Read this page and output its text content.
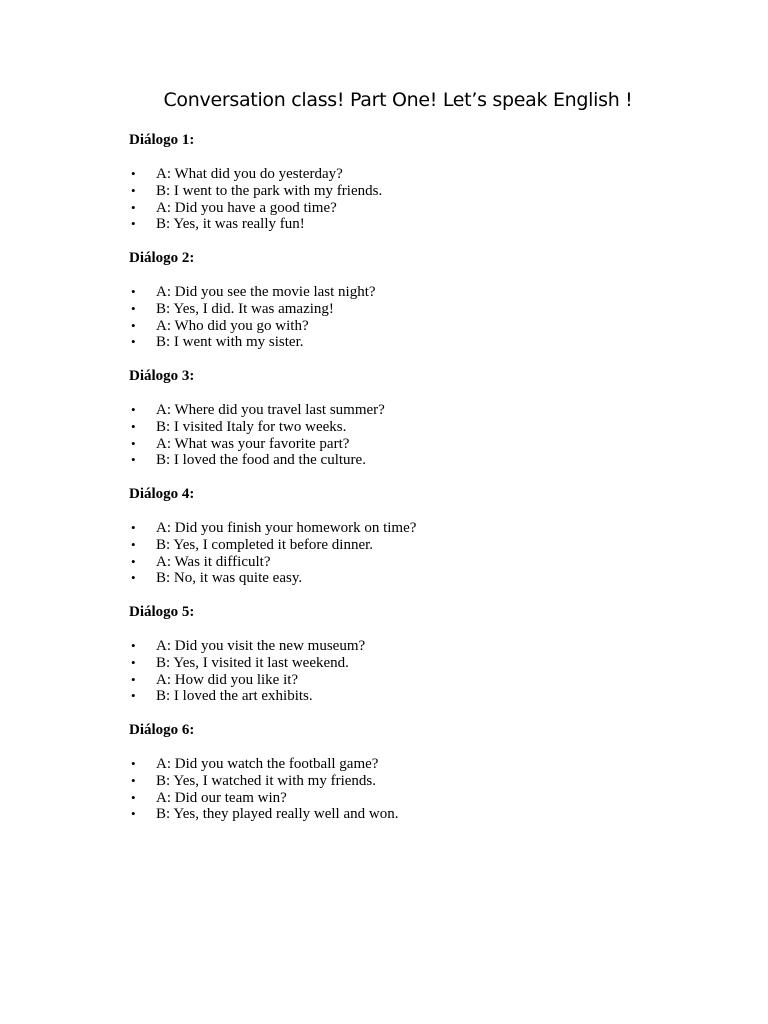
Conversation class! Part One! Let’s speak English !

Diálogo 1:

• A: What did you do yesterday?
• B: I went to the park with my friends.
• A: Did you have a good time?
• B: Yes, it was really fun!

Diálogo 2:

• A: Did you see the movie last night?
• B: Yes, I did. It was amazing!
• A: Who did you go with?
• B: I went with my sister.

Diálogo 3:

• A: Where did you travel last summer?
• B: I visited Italy for two weeks.
• A: What was your favorite part?
• B: I loved the food and the culture.

Diálogo 4:

• A: Did you finish your homework on time?
• B: Yes, I completed it before dinner.
• A: Was it difficult?
• B: No, it was quite easy.

Diálogo 5:

• A: Did you visit the new museum?
• B: Yes, I visited it last weekend.
• A: How did you like it?
• B: I loved the art exhibits.

Diálogo 6:

• A: Did you watch the football game?
• B: Yes, I watched it with my friends.
• A: Did our team win?
• B: Yes, they played really well and won.
